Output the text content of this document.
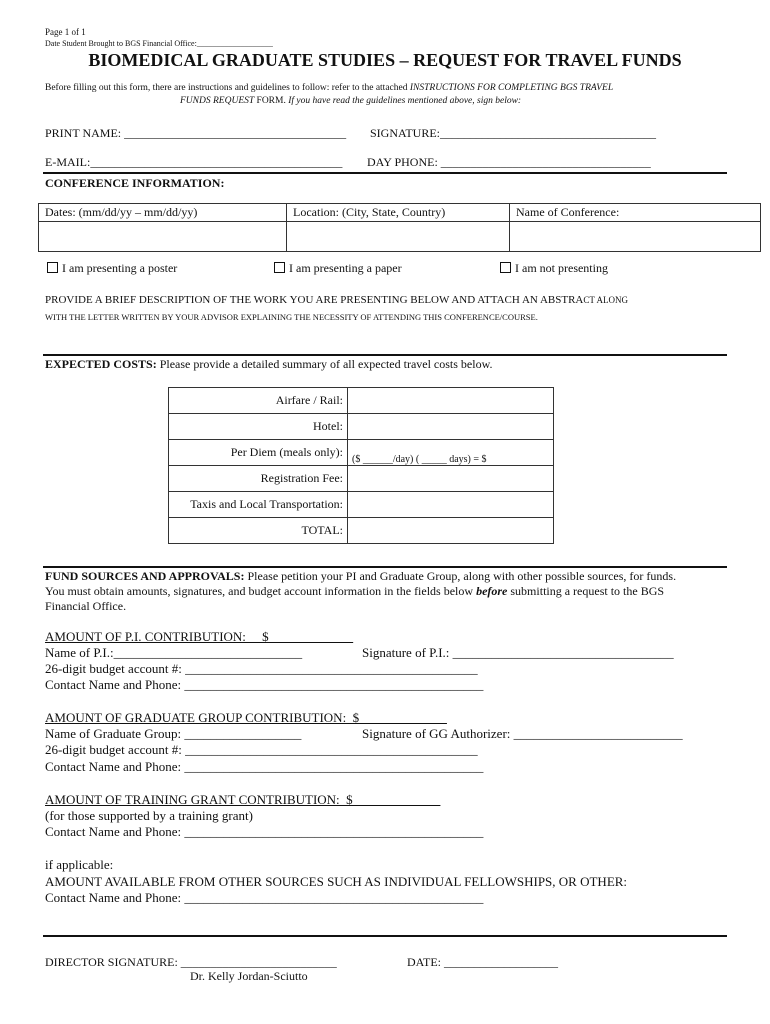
Page 1 of 1
Date Student Brought to BGS Financial Office:___________________
BIOMEDICAL GRADUATE STUDIES – REQUEST FOR TRAVEL FUNDS
Before filling out this form, there are instructions and guidelines to follow: refer to the attached INSTRUCTIONS FOR COMPLETING BGS TRAVEL
FUNDS REQUEST FORM. If you have read the guidelines mentioned above, sign below:
PRINT NAME: _____________________________________ SIGNATURE:____________________________________
E-MAIL:__________________________________________ DAY PHONE: ___________________________________
CONFERENCE INFORMATION:
Dates: (mm/dd/yy – mm/dd/yy)	Location: (City, State, Country)	Name of Conference:

I am presenting a poster	I am presenting a paper	I am not presenting
PROVIDE A BRIEF DESCRIPTION OF THE WORK YOU ARE PRESENTING BELOW AND ATTACH AN ABSTRACT ALONG
WITH THE LETTER WRITTEN BY YOUR ADVISOR EXPLAINING THE NECESSITY OF ATTENDING THIS CONFERENCE/COURSE.
EXPECTED COSTS: Please provide a detailed summary of all expected travel costs below.
Airfare / Rail:	
Hotel:	
Per Diem (meals only):	($ ______/day) ( _____ days) = $
Registration Fee:	
Taxis and Local Transportation:	
TOTAL:	
FUND SOURCES AND APPROVALS: Please petition your PI and Graduate Group, along with other possible sources, for funds.
You must obtain amounts, signatures, and budget account information in the fields below before submitting a request to the BGS
Financial Office.
AMOUNT OF P.I. CONTRIBUTION:     $
Name of P.I.:_____________________________	Signature of P.I.: __________________________________
26-digit budget account #: _____________________________________________
Contact Name and Phone: ______________________________________________
AMOUNT OF GRADUATE GROUP CONTRIBUTION:  $
Name of Graduate Group: __________________	Signature of GG Authorizer: __________________________
26-digit budget account #: _____________________________________________
Contact Name and Phone: ______________________________________________
AMOUNT OF TRAINING GRANT CONTRIBUTION:  $
(for those supported by a training grant)
Contact Name and Phone: ______________________________________________
if applicable:
AMOUNT AVAILABLE FROM OTHER SOURCES SUCH AS INDIVIDUAL FELLOWSHIPS, OR OTHER:
Contact Name and Phone: ______________________________________________
DIRECTOR SIGNATURE: __________________________	DATE: ___________________
Dr. Kelly Jordan-Sciutto
